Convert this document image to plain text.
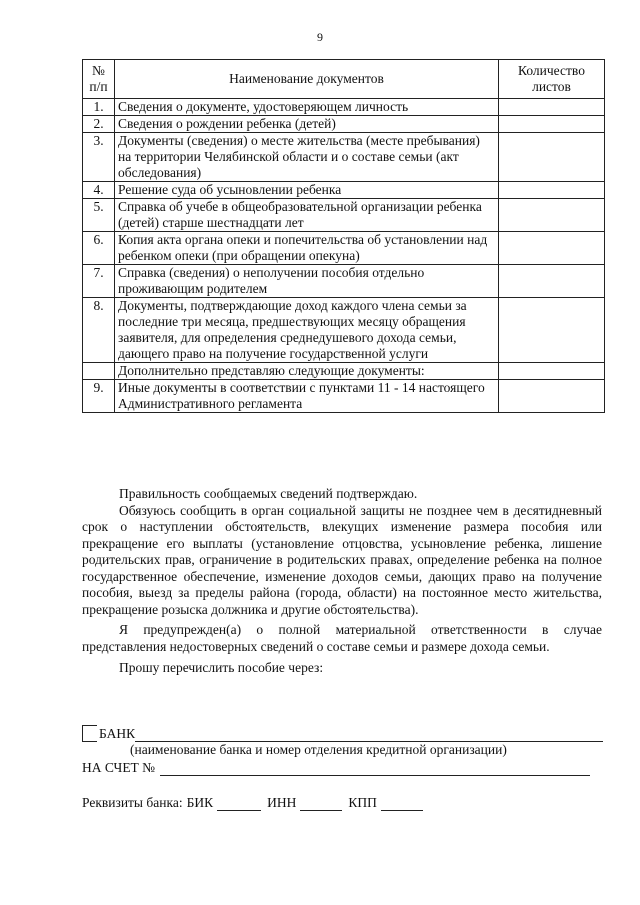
9
№ п/п	Наименование документов	Количество листов
1.	Сведения о документе, удостоверяющем личность	
2.	Сведения о рождении ребенка (детей)	
3.	Документы (сведения) о месте жительства (месте пребывания) на территории Челябинской области и о составе семьи (акт обследования)	
4.	Решение суда об усыновлении ребенка	
5.	Справка об учебе в общеобразовательной организации ребенка (детей) старше шестнадцати лет	
6.	Копия акта органа опеки и попечительства об установлении над ребенком опеки (при обращении опекуна)	
7.	Справка (сведения) о неполучении пособия отдельно проживающим родителем	
8.	Документы, подтверждающие доход каждого члена семьи за последние три месяца, предшествующих месяцу обращения заявителя, для определения среднедушевого дохода семьи, дающего право на получение государственной услуги	
	Дополнительно представляю следующие документы:	
9.	Иные документы в соответствии с пунктами 11 - 14 настоящего Административного регламента	

Правильность сообщаемых сведений подтверждаю.

Обязуюсь сообщить в орган социальной защиты не позднее чем в десятидневный срок о наступлении обстоятельств, влекущих изменение размера пособия или прекращение его выплаты (установление отцовства, усыновление ребенка, лишение родительских прав, ограничение в родительских правах, определение ребенка на полное государственное обеспечение, изменение доходов семьи, дающих право на получение пособия, выезд за пределы района (города, области) на постоянное место жительства, прекращение розыска должника и другие обстоятельства).

Я предупрежден(а) о полной материальной ответственности в случае представления недостоверных сведений о составе семьи и размере дохода семьи.

Прошу перечислить пособие через:

БАНК
(наименование банка и номер отделения кредитной организации)
НА СЧЕТ №
Реквизиты банка: БИК	ИНН	КПП
